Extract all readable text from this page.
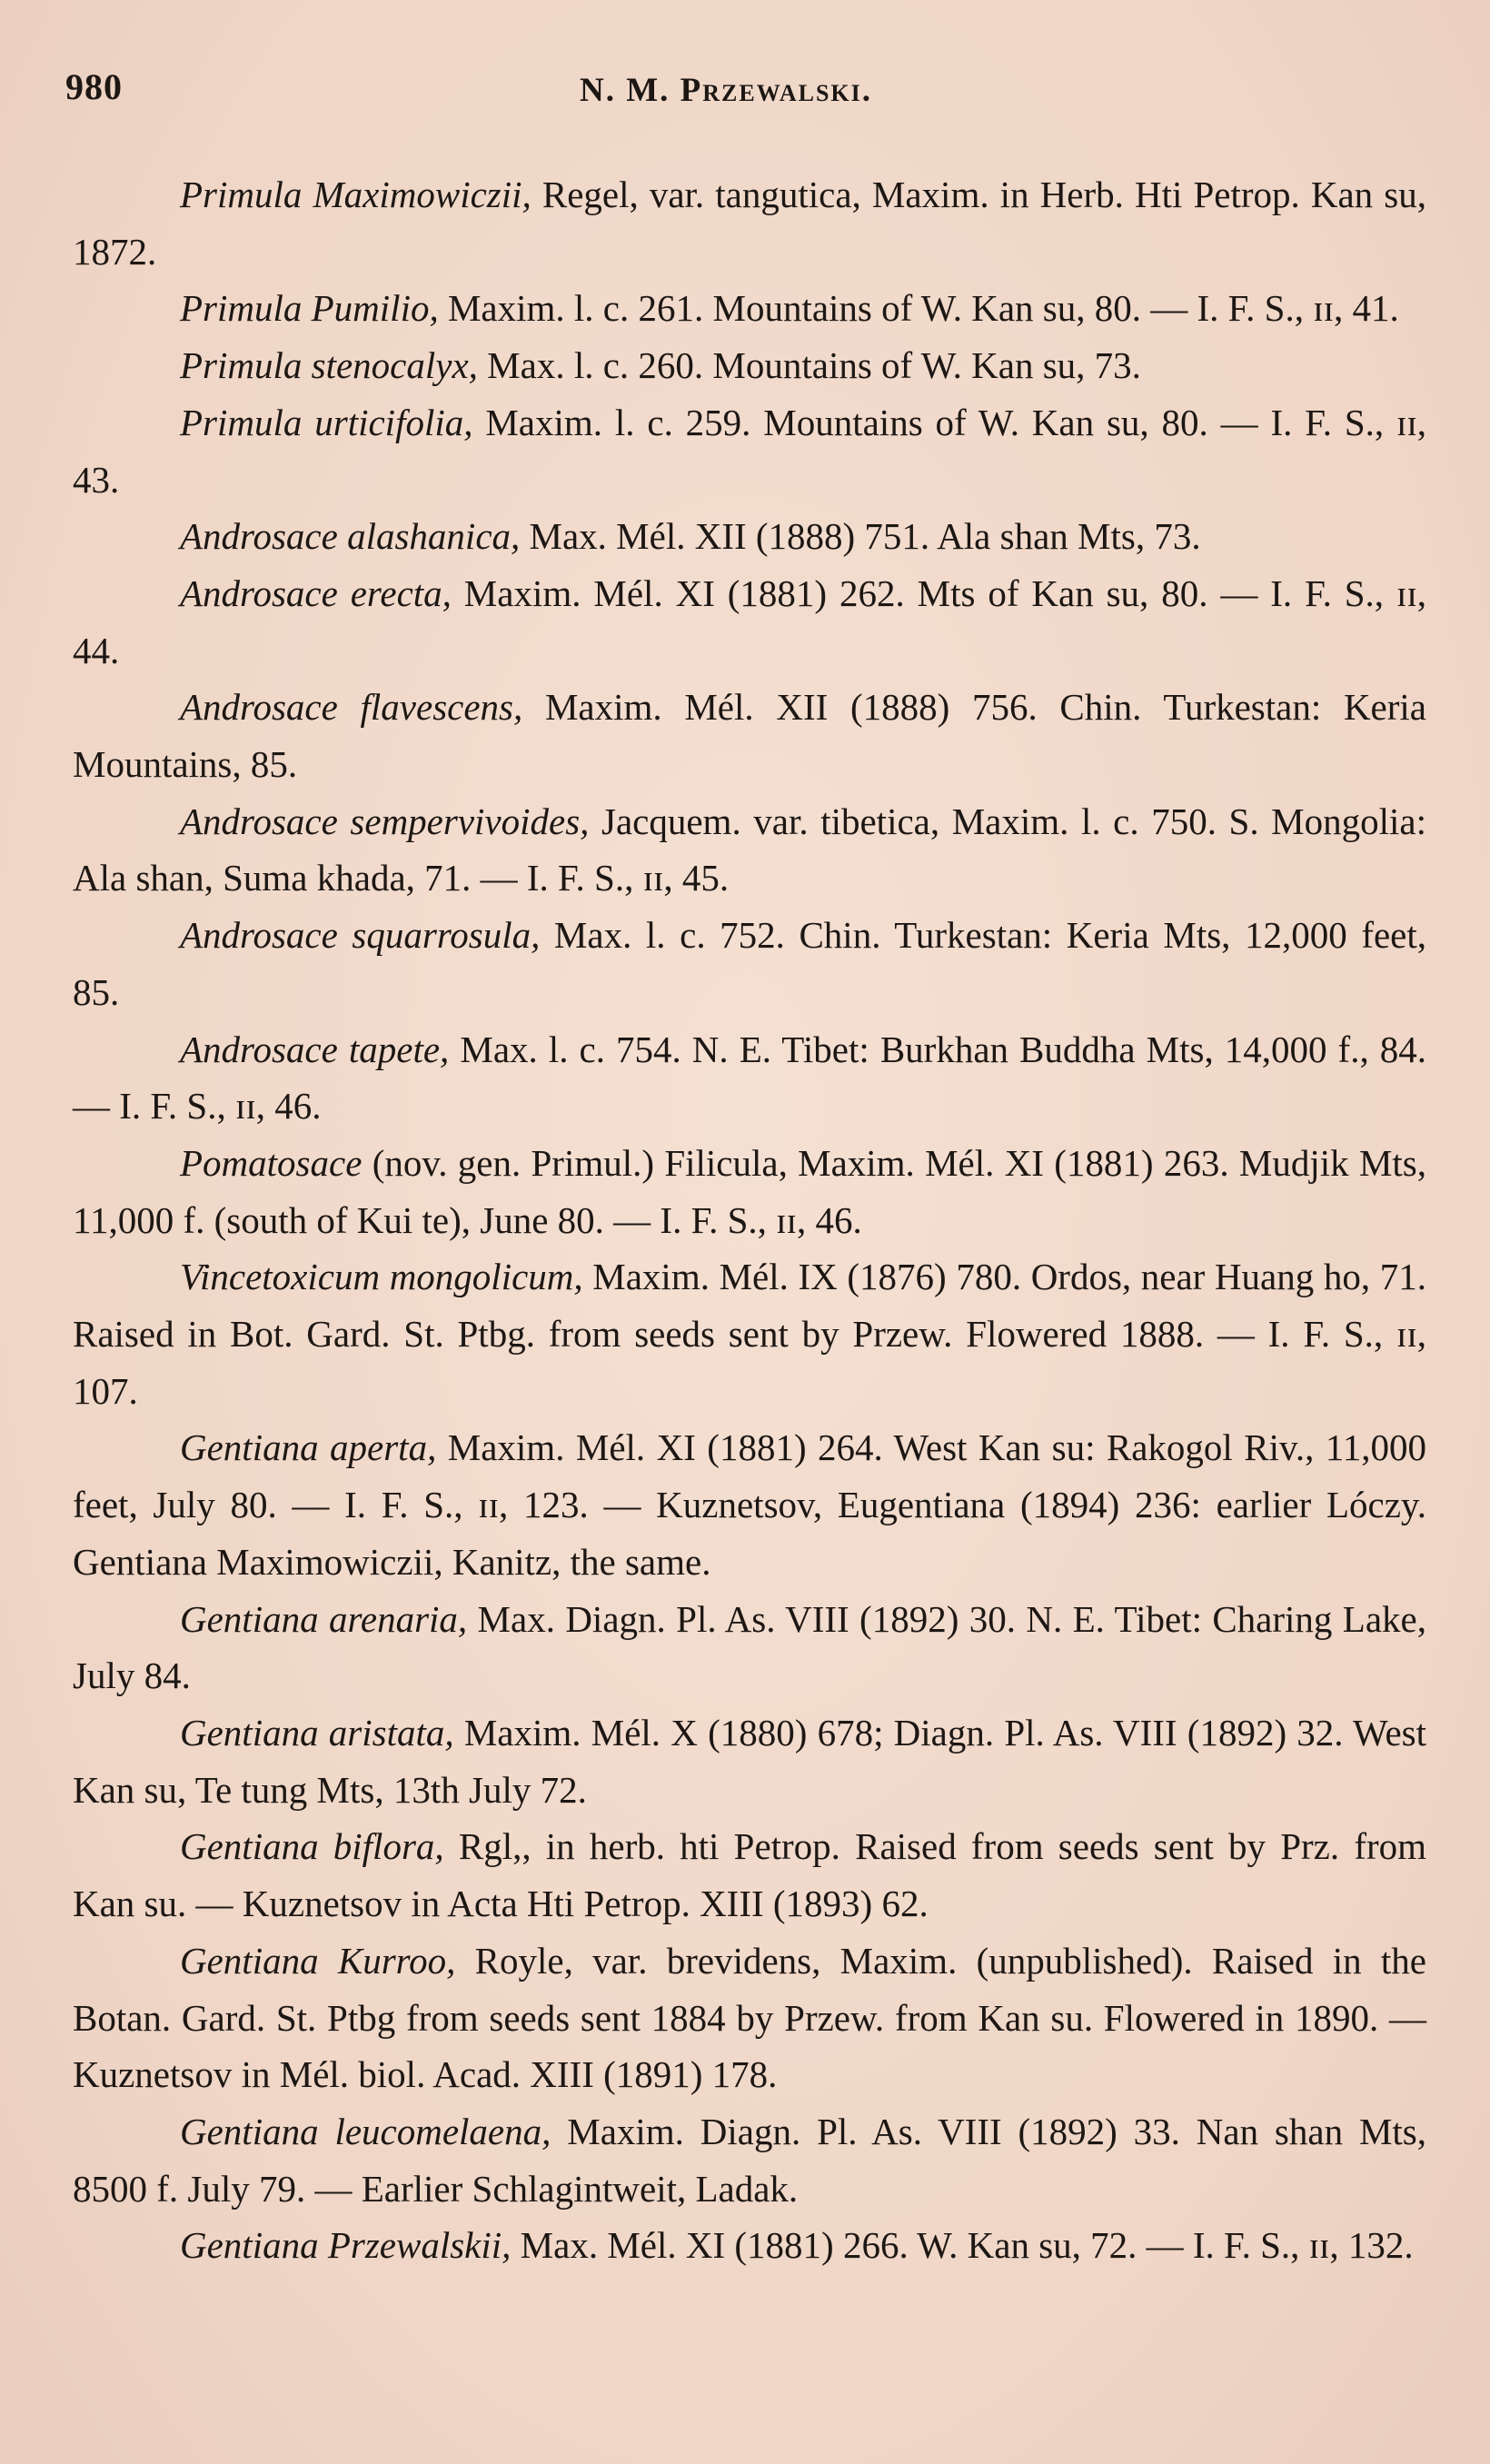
980	N. M. Przewalski.

Primula Maximowiczii, Regel, var. tangutica, Maxim. in Herb. Hti Petrop. Kan su, 1872.

Primula Pumilio, Maxim. l. c. 261. Mountains of W. Kan su, 80. — I. F. S., ɪɪ, 41.

Primula stenocalyx, Max. l. c. 260. Mountains of W. Kan su, 73.

Primula urticifolia, Maxim. l. c. 259. Mountains of W. Kan su, 80. — I. F. S., ɪɪ, 43.

Androsace alashanica, Max. Mél. XII (1888) 751. Ala shan Mts, 73.

Androsace erecta, Maxim. Mél. XI (1881) 262. Mts of Kan su, 80. — I. F. S., ɪɪ, 44.

Androsace flavescens, Maxim. Mél. XII (1888) 756. Chin. Turkestan: Keria Mountains, 85.

Androsace sempervivoides, Jacquem. var. tibetica, Maxim. l. c. 750. S. Mongolia: Ala shan, Suma khada, 71. — I. F. S., ɪɪ, 45.

Androsace squarrosula, Max. l. c. 752. Chin. Turkestan: Keria Mts, 12,000 feet, 85.

Androsace tapete, Max. l. c. 754. N. E. Tibet: Burkhan Buddha Mts, 14,000 f., 84. — I. F. S., ɪɪ, 46.

Pomatosace (nov. gen. Primul.) Filicula, Maxim. Mél. XI (1881) 263. Mudjik Mts, 11,000 f. (south of Kui te), June 80. — I. F. S., ɪɪ, 46.

Vincetoxicum mongolicum, Maxim. Mél. IX (1876) 780. Ordos, near Huang ho, 71. Raised in Bot. Gard. St. Ptbg. from seeds sent by Przew. Flowered 1888. — I. F. S., ɪɪ, 107.

Gentiana aperta, Maxim. Mél. XI (1881) 264. West Kan su: Rakogol Riv., 11,000 feet, July 80. — I. F. S., ɪɪ, 123. — Kuznetsov, Eugentiana (1894) 236: earlier Lóczy. Gentiana Maximowiczii, Kanitz, the same.

Gentiana arenaria, Max. Diagn. Pl. As. VIII (1892) 30. N. E. Tibet: Charing Lake, July 84.

Gentiana aristata, Maxim. Mél. X (1880) 678; Diagn. Pl. As. VIII (1892) 32. West Kan su, Te tung Mts, 13th July 72.

Gentiana biflora, Rgl,, in herb. hti Petrop. Raised from seeds sent by Prz. from Kan su. — Kuznetsov in Acta Hti Petrop. XIII (1893) 62.

Gentiana Kurroo, Royle, var. brevidens, Maxim. (unpublished). Raised in the Botan. Gard. St. Ptbg from seeds sent 1884 by Przew. from Kan su. Flowered in 1890. — Kuznetsov in Mél. biol. Acad. XIII (1891) 178.

Gentiana leucomelaena, Maxim. Diagn. Pl. As. VIII (1892) 33. Nan shan Mts, 8500 f. July 79. — Earlier Schlagintweit, Ladak.

Gentiana Przewalskii, Max. Mél. XI (1881) 266. W. Kan su, 72. — I. F. S., ɪɪ, 132.
